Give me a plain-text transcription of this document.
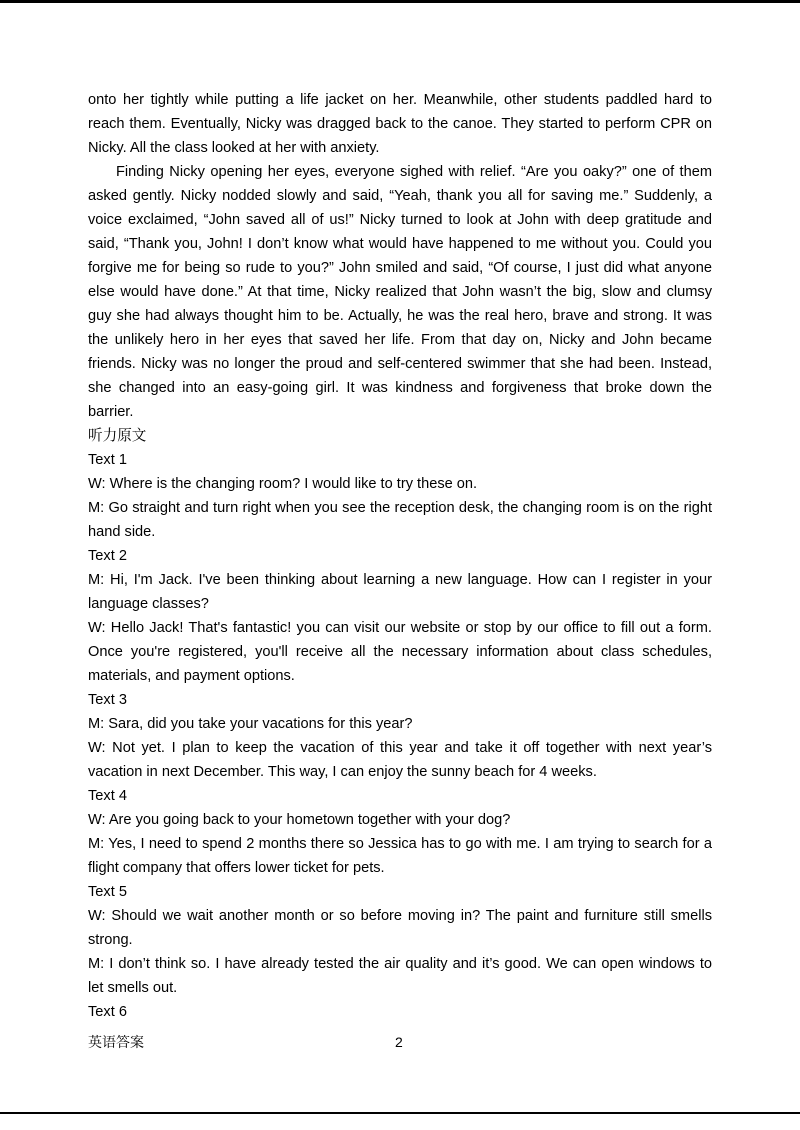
onto her tightly while putting a life jacket on her. Meanwhile, other students paddled hard to reach them. Eventually, Nicky was dragged back to the canoe. They started to perform CPR on Nicky. All the class looked at her with anxiety.

Finding Nicky opening her eyes, everyone sighed with relief. “Are you oaky?” one of them asked gently. Nicky nodded slowly and said, “Yeah, thank you all for saving me.” Suddenly, a voice exclaimed, “John saved all of us!” Nicky turned to look at John with deep gratitude and said, “Thank you, John! I don’t know what would have happened to me without you. Could you forgive me for being so rude to you?” John smiled and said, “Of course, I just did what anyone else would have done.” At that time, Nicky realized that John wasn’t the big, slow and clumsy guy she had always thought him to be. Actually, he was the real hero, brave and strong. It was the unlikely hero in her eyes that saved her life. From that day on, Nicky and John became friends. Nicky was no longer the proud and self-centered swimmer that she had been. Instead, she changed into an easy-going girl. It was kindness and forgiveness that broke down the barrier.

听力原文

Text 1

W: Where is the changing room? I would like to try these on.

M: Go straight and turn right when you see the reception desk, the changing room is on the right hand side.

Text 2

M: Hi, I'm Jack. I've been thinking about learning a new language. How can I register in your language classes?

W: Hello Jack! That's fantastic! you can visit our website or stop by our office to fill out a form. Once you're registered, you'll receive all the necessary information about class schedules, materials, and payment options.

Text 3

M: Sara, did you take your vacations for this year?

W: Not yet. I plan to keep the vacation of this year and take it off together with next year’s vacation in next December. This way, I can enjoy the sunny beach for 4 weeks.

Text 4

W: Are you going back to your hometown together with your dog?

M: Yes, I need to spend 2 months there so Jessica has to go with me. I am trying to search for a flight company that offers lower ticket for pets.

Text 5

W: Should we wait another month or so before moving in? The paint and furniture still smells strong.

M: I don’t think so. I have already tested the air quality and it’s good. We can open windows to let smells out.

Text 6

英语答案	2
